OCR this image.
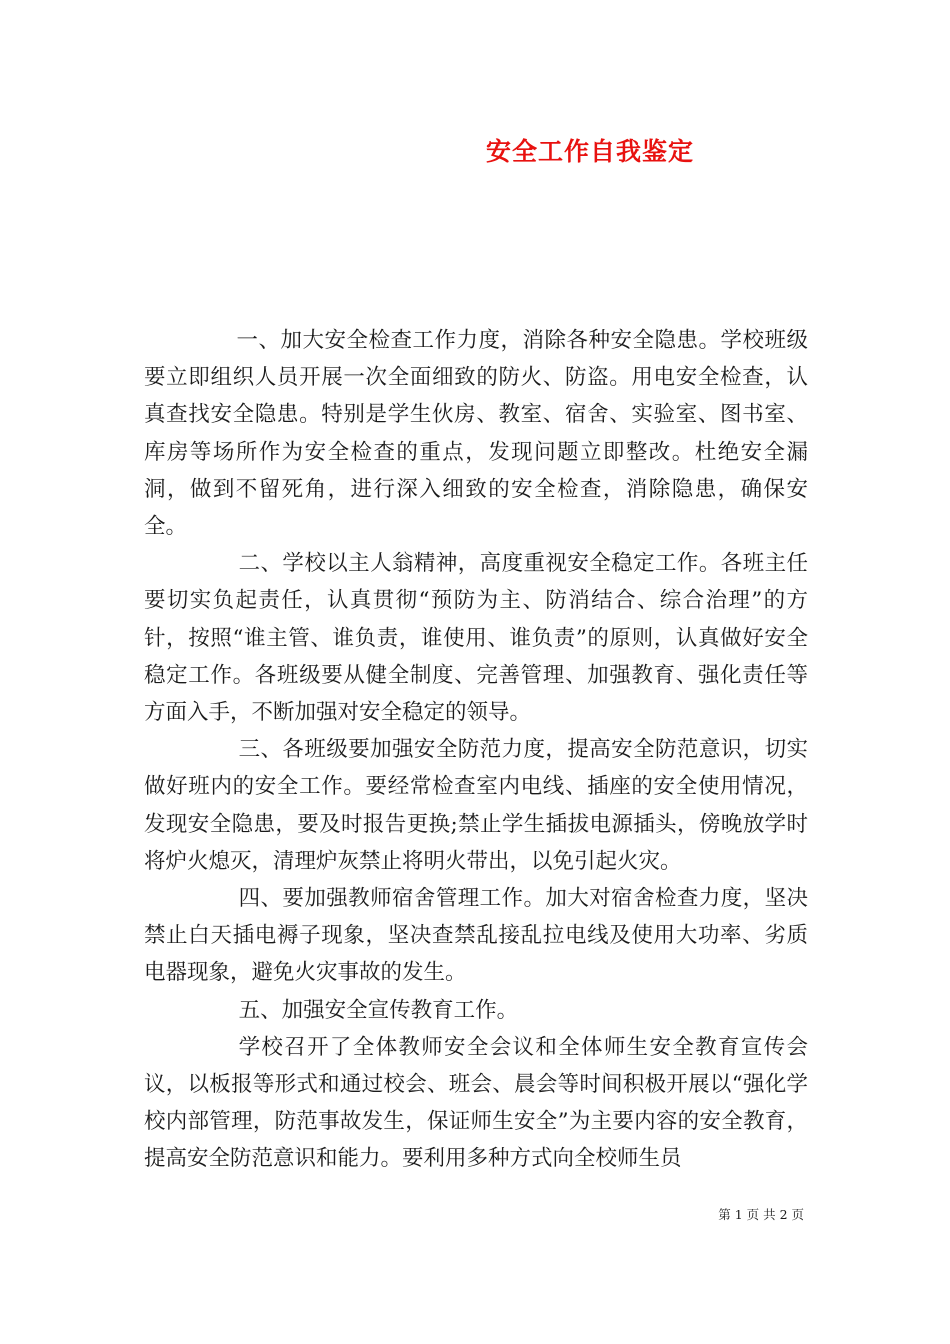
安全工作自我鉴定

一、加大安全检查工作力度，消除各种安全隐患。学校班级要立即组织人员开展一次全面细致的防火、防盗。用电安全检查，认真查找安全隐患。特别是学生伙房、教室、宿舍、实验室、图书室、库房等场所作为安全检查的重点，发现问题立即整改。杜绝安全漏洞，做到不留死角，进行深入细致的安全检查，消除隐患，确保安全。

二、学校以主人翁精神，高度重视安全稳定工作。各班主任要切实负起责任，认真贯彻“预防为主、防消结合、综合治理”的方针，按照“谁主管、谁负责，谁使用、谁负责”的原则，认真做好安全稳定工作。各班级要从健全制度、完善管理、加强教育、强化责任等方面入手，不断加强对安全稳定的领导。

三、各班级要加强安全防范力度，提高安全防范意识，切实做好班内的安全工作。要经常检查室内电线、插座的安全使用情况，发现安全隐患，要及时报告更换;禁止学生插拔电源插头，傍晚放学时将炉火熄灭，清理炉灰禁止将明火带出，以免引起火灾。

四、要加强教师宿舍管理工作。加大对宿舍检查力度，坚决禁止白天插电褥子现象，坚决查禁乱接乱拉电线及使用大功率、劣质电器现象，避免火灾事故的发生。

五、加强安全宣传教育工作。

学校召开了全体教师安全会议和全体师生安全教育宣传会议，以板报等形式和通过校会、班会、晨会等时间积极开展以“强化学校内部管理，防范事故发生，保证师生安全”为主要内容的安全教育，提高安全防范意识和能力。要利用多种方式向全校师生员

第 1 页 共 2 页
